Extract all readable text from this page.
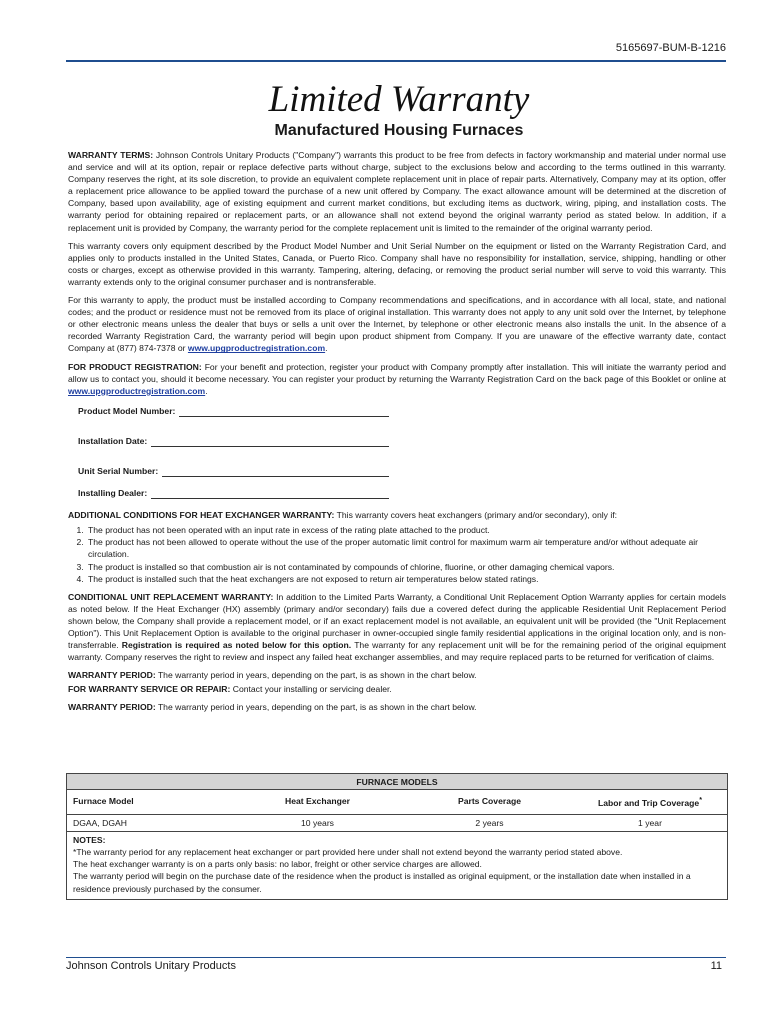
5165697-BUM-B-1216
Limited Warranty
Manufactured Housing Furnaces

WARRANTY TERMS: Johnson Controls Unitary Products ("Company") warrants this product to be free from defects in factory workmanship and material under normal use and service and will at its option, repair or replace defective parts without charge, subject to the exclusions below and according to the terms outlined in this warranty. Company reserves the right, at its sole discretion, to provide an equivalent complete replacement unit in place of repair parts. Alternatively, Company may at its option, offer a replacement price allowance to be applied toward the purchase of a new unit offered by Company. The exact allowance amount will be determined at the discretion of Company, based upon availability, age of existing equipment and current market conditions, but excluding items as ductwork, wiring, piping, and installation costs. The warranty period for obtaining repaired or replacement parts, or an allowance shall not extend beyond the original warranty period as stated below. In addition, if a replacement unit is provided by Company, the warranty period for the complete replacement unit is limited to the remainder of the original warranty period.

This warranty covers only equipment described by the Product Model Number and Unit Serial Number on the equipment or listed on the Warranty Registration Card, and applies only to products installed in the United States, Canada, or Puerto Rico. Company shall have no responsibility for installation, service, shipping, handling or other costs or charges, except as otherwise provided in this warranty. Tampering, altering, defacing, or removing the product serial number will serve to void this warranty. This warranty extends only to the original consumer purchaser and is nontransferable.

For this warranty to apply, the product must be installed according to Company recommendations and specifications, and in accordance with all local, state, and national codes; and the product or residence must not be removed from its place of original installation. This warranty does not apply to any unit sold over the Internet, by telephone or other electronic means unless the dealer that buys or sells a unit over the Internet, by telephone or other electronic means also installs the unit. In the absence of a recorded Warranty Registration Card, the warranty period will begin upon product shipment from Company. If you are unaware of the effective warranty date, contact Company at (877) 874-7378 or www.upgproductregistration.com.

FOR PRODUCT REGISTRATION: For your benefit and protection, register your product with Company promptly after installation. This will initiate the warranty period and allow us to contact you, should it become necessary. You can register your product by returning the Warranty Registration Card on the back page of this Booklet or online at www.upgproductregistration.com.

Product Model Number:
Installation Date:
Unit Serial Number:
Installing Dealer:

ADDITIONAL CONDITIONS FOR HEAT EXCHANGER WARRANTY: This warranty covers heat exchangers (primary and/or secondary), only if:

1. The product has not been operated with an input rate in excess of the rating plate attached to the product.
2. The product has not been allowed to operate without the use of the proper automatic limit control for maximum warm air temperature and/or without adequate air circulation.
3. The product is installed so that combustion air is not contaminated by compounds of chlorine, fluorine, or other damaging chemical vapors.
4. The product is installed such that the heat exchangers are not exposed to return air temperatures below stated ratings.

CONDITIONAL UNIT REPLACEMENT WARRANTY: In addition to the Limited Parts Warranty, a Conditional Unit Replacement Option Warranty applies for certain models as noted below. If the Heat Exchanger (HX) assembly (primary and/or secondary) fails due a covered defect during the applicable Residential Unit Replacement Period shown below, the Company shall provide a replacement model, or if an exact replacement model is not available, an equivalent unit will be provided (the "Unit Replacement Option"). This Unit Replacement Option is available to the original purchaser in owner-occupied single family residential applications in the original location only, and is non-transferrable. Registration is required as noted below for this option. The warranty for any replacement unit will be for the remaining period of the original equipment warranty. Company reserves the right to review and inspect any failed heat exchanger assemblies, and may require replaced parts to be returned for verification of claims.

WARRANTY PERIOD: The warranty period in years, depending on the part, is as shown in the chart below.

FOR WARRANTY SERVICE OR REPAIR: Contact your installing or servicing dealer.

WARRANTY PERIOD: The warranty period in years, depending on the part, is as shown in the chart below.

FURNACE MODELS
Furnace Model	Heat Exchanger	Parts Coverage	Labor and Trip Coverage*
DGAA, DGAH	10 years	2 years	1 year
NOTES:
*The warranty period for any replacement heat exchanger or part provided here under shall not extend beyond the warranty period stated above.
The heat exchanger warranty is on a parts only basis: no labor, freight or other service charges are allowed.
The warranty period will begin on the purchase date of the residence when the product is installed as original equipment, or the installation date when installed in a residence previously purchased by the consumer.
Johnson Controls Unitary Products	11
